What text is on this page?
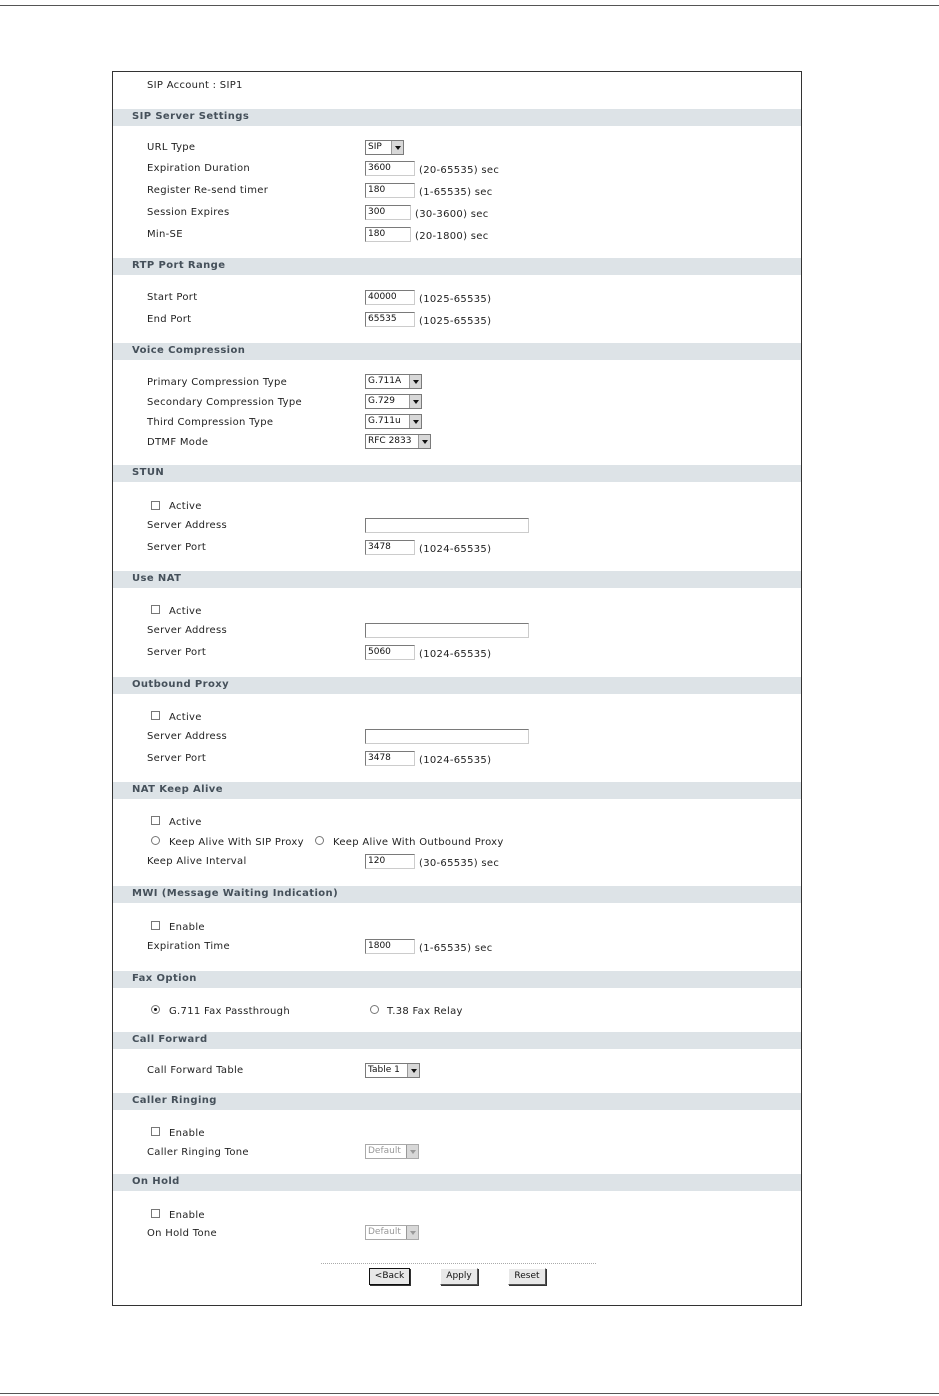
SIP Account : SIP1
SIP Server Settings
URL Type	SIP
Expiration Duration	3600	(20-65535) sec
Register Re-send timer	180	(1-65535) sec
Session Expires	300	(30-3600) sec
Min-SE	180	(20-1800) sec
RTP Port Range
Start Port	40000	(1025-65535)
End Port	65535	(1025-65535)
Voice Compression
Primary Compression Type	G.711A
Secondary Compression Type	G.729
Third Compression Type	G.711u
DTMF Mode	RFC 2833
STUN
Active
Server Address
Server Port	3478	(1024-65535)
Use NAT
Active
Server Address
Server Port	5060	(1024-65535)
Outbound Proxy
Active
Server Address
Server Port	3478	(1024-65535)
NAT Keep Alive
Active
Keep Alive With SIP Proxy	Keep Alive With Outbound Proxy
Keep Alive Interval	120	(30-65535) sec
MWI (Message Waiting Indication)
Enable
Expiration Time	1800	(1-65535) sec
Fax Option
G.711 Fax Passthrough	T.38 Fax Relay
Call Forward
Call Forward Table	Table 1
Caller Ringing
Enable
Caller Ringing Tone	Default
On Hold
Enable
On Hold Tone	Default
<Back	Apply	Reset
